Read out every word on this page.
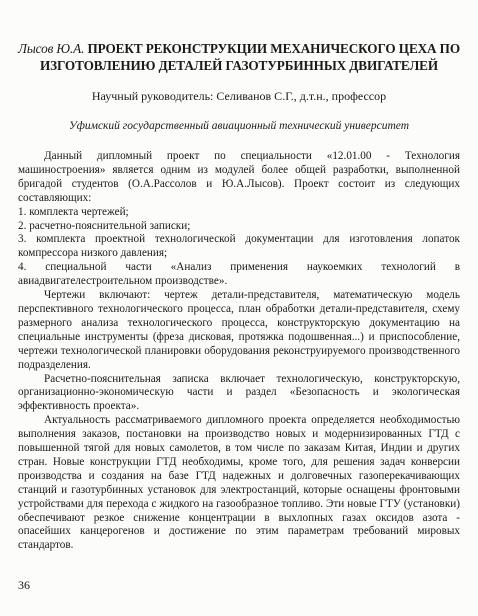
Лысов Ю.А. ПРОЕКТ РЕКОНСТРУКЦИИ МЕХАНИЧЕСКОГО ЦЕХА ПО ИЗГОТОВЛЕНИЮ ДЕТАЛЕЙ ГАЗОТУРБИННЫХ ДВИГАТЕЛЕЙ
Научный руководитель: Селиванов С.Г., д.т.н., профессор
Уфимский государственный авиационный технический университет

Данный дипломный проект по специальности «12.01.00 - Технология машиностроения» является одним из модулей более общей разработки, выполненной бригадой студентов (О.А.Рассолов и Ю.А.Лысов). Проект состоит из следующих составляющих:

1. комплекта чертежей;

2. расчетно-пояснительной записки;

3. комплекта проектной технологической документации для изготовления лопаток компрессора низкого давления;

4. специальной части «Анализ применения наукоемких технологий в авиадвигателестроительном производстве».

Чертежи включают: чертеж детали-представителя, математическую модель перспективного технологического процесса, план обработки детали-представителя, схему размерного анализа технологического процесса, конструкторскую документацию на специальные инструменты (фреза дисковая, протяжка подошвенная...) и приспособление, чертежи технологической планировки оборудования реконструируемого производственного подразделения.

Расчетно-пояснительная записка включает технологическую, конструкторскую, организационно-экономическую части и раздел «Безопасность и экологическая эффективность проекта».

Актуальность рассматриваемого дипломного проекта определяется необходимостью выполнения заказов, постановки на производство новых и модернизированных ГТД с повышенной тягой для новых самолетов, в том числе по заказам Китая, Индии и других стран. Новые конструкции ГТД необходимы, кроме того, для решения задач конверсии производства и создания на базе ГТД надежных и долговечных газоперекачивающих станций и газотурбинных установок для электростанций, которые оснащены фронтовыми устройствами для перехода с жидкого на газообразное топливо. Эти новые ГТУ (установки) обеспечивают резкое снижение концентрации в выхлопных газах оксидов азота - опасейших канцерогенов и достижение по этим параметрам требований мировых стандартов.

36
